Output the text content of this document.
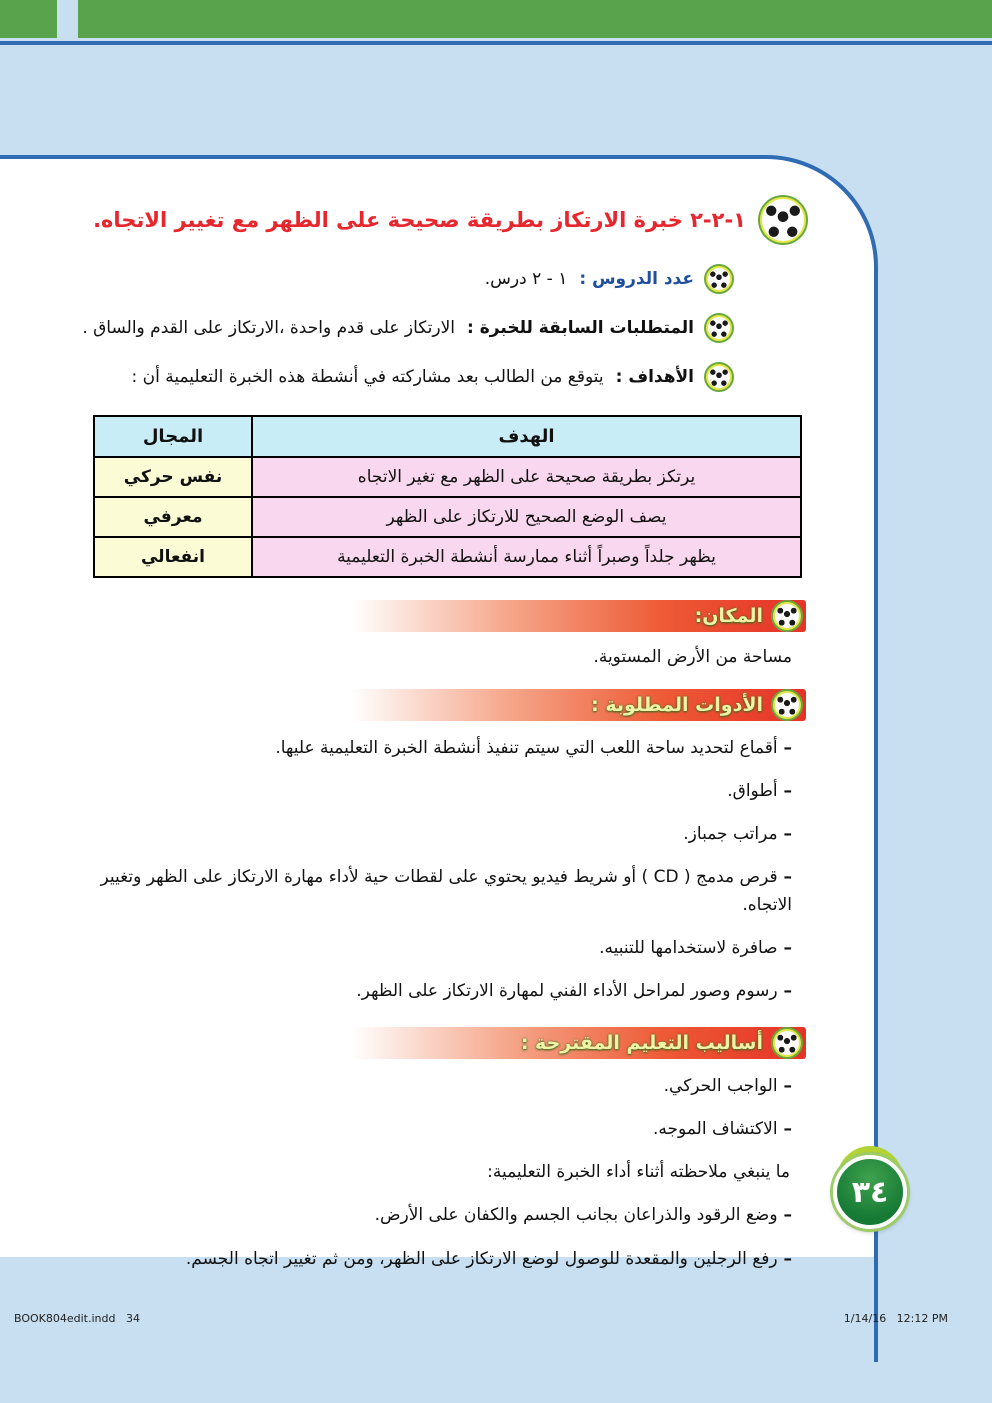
١-٢-٢ خبرة الارتكاز بطريقة صحيحة على الظهر مع تغيير الاتجاه.
عدد الدروس :
١ - ٢ درس.
المتطلبات السابقة للخبرة :
الارتكاز على قدم واحدة ،الارتكاز على القدم والساق .
الأهداف :
يتوقع من الطالب بعد مشاركته في أنشطة هذه الخبرة التعليمية أن :
الهدف	المجال
يرتكز بطريقة صحيحة على الظهر مع تغير الاتجاه	نفس حركي
يصف الوضع الصحيح للارتكاز على الظهر	معرفي
يظهر جلداً وصبراً أثناء ممارسة أنشطة الخبرة التعليمية	انفعالي
المكان:
مساحة من الأرض المستوية.
الأدوات المطلوبة :
– أقماع لتحديد ساحة اللعب التي سيتم تنفيذ أنشطة الخبرة التعليمية عليها.
– أطواق.
– مراتب جمباز.
– قرص مدمج ( CD ) أو شريط فيديو يحتوي على لقطات حية لأداء مهارة الارتكاز على الظهر وتغيير الاتجاه.
– صافرة لاستخدامها للتنبيه.
– رسوم وصور لمراحل الأداء الفني لمهارة الارتكاز على الظهر.
أساليب التعليم المقترحة :
– الواجب الحركي.
– الاكتشاف الموجه.
ما ينبغي ملاحظته أثناء أداء الخبرة التعليمية:
– وضع الرقود والذراعان بجانب الجسم والكفان على الأرض.
– رفع الرجلين والمقعدة للوصول لوضع الارتكاز على الظهر، ومن ثم تغيير اتجاه الجسم.
٣٤
BOOK804edit.indd   34	1/14/16   12:12 PM
